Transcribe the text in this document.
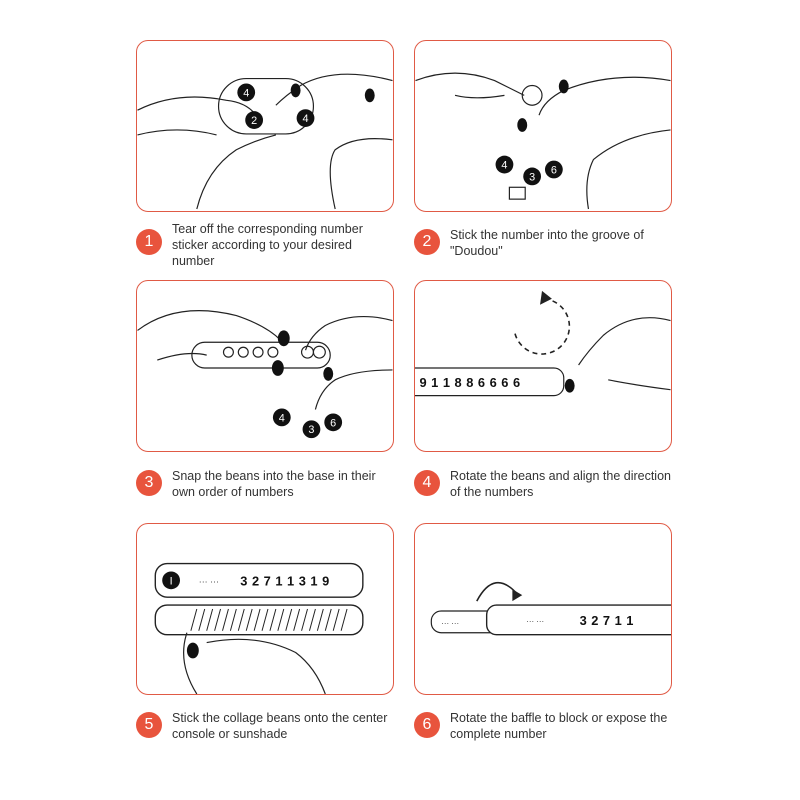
4
2	4
4
3
6
4
3
6
9 1 1 8 8 6 6 6 6
I	··· ··· 3 2 7 1 1 3 1 9
··· ···	··· ···	3 2 7 1 1
1
Tear off the corresponding number sticker according to your desired number
2	Stick the number into the groove of "Doudou"
3	Snap the beans into the base in their own order of numbers
4	Rotate the beans and align the direction of the numbers
5	Stick the collage beans onto the center console or sunshade
6	Rotate the baffle to block or expose the complete number
